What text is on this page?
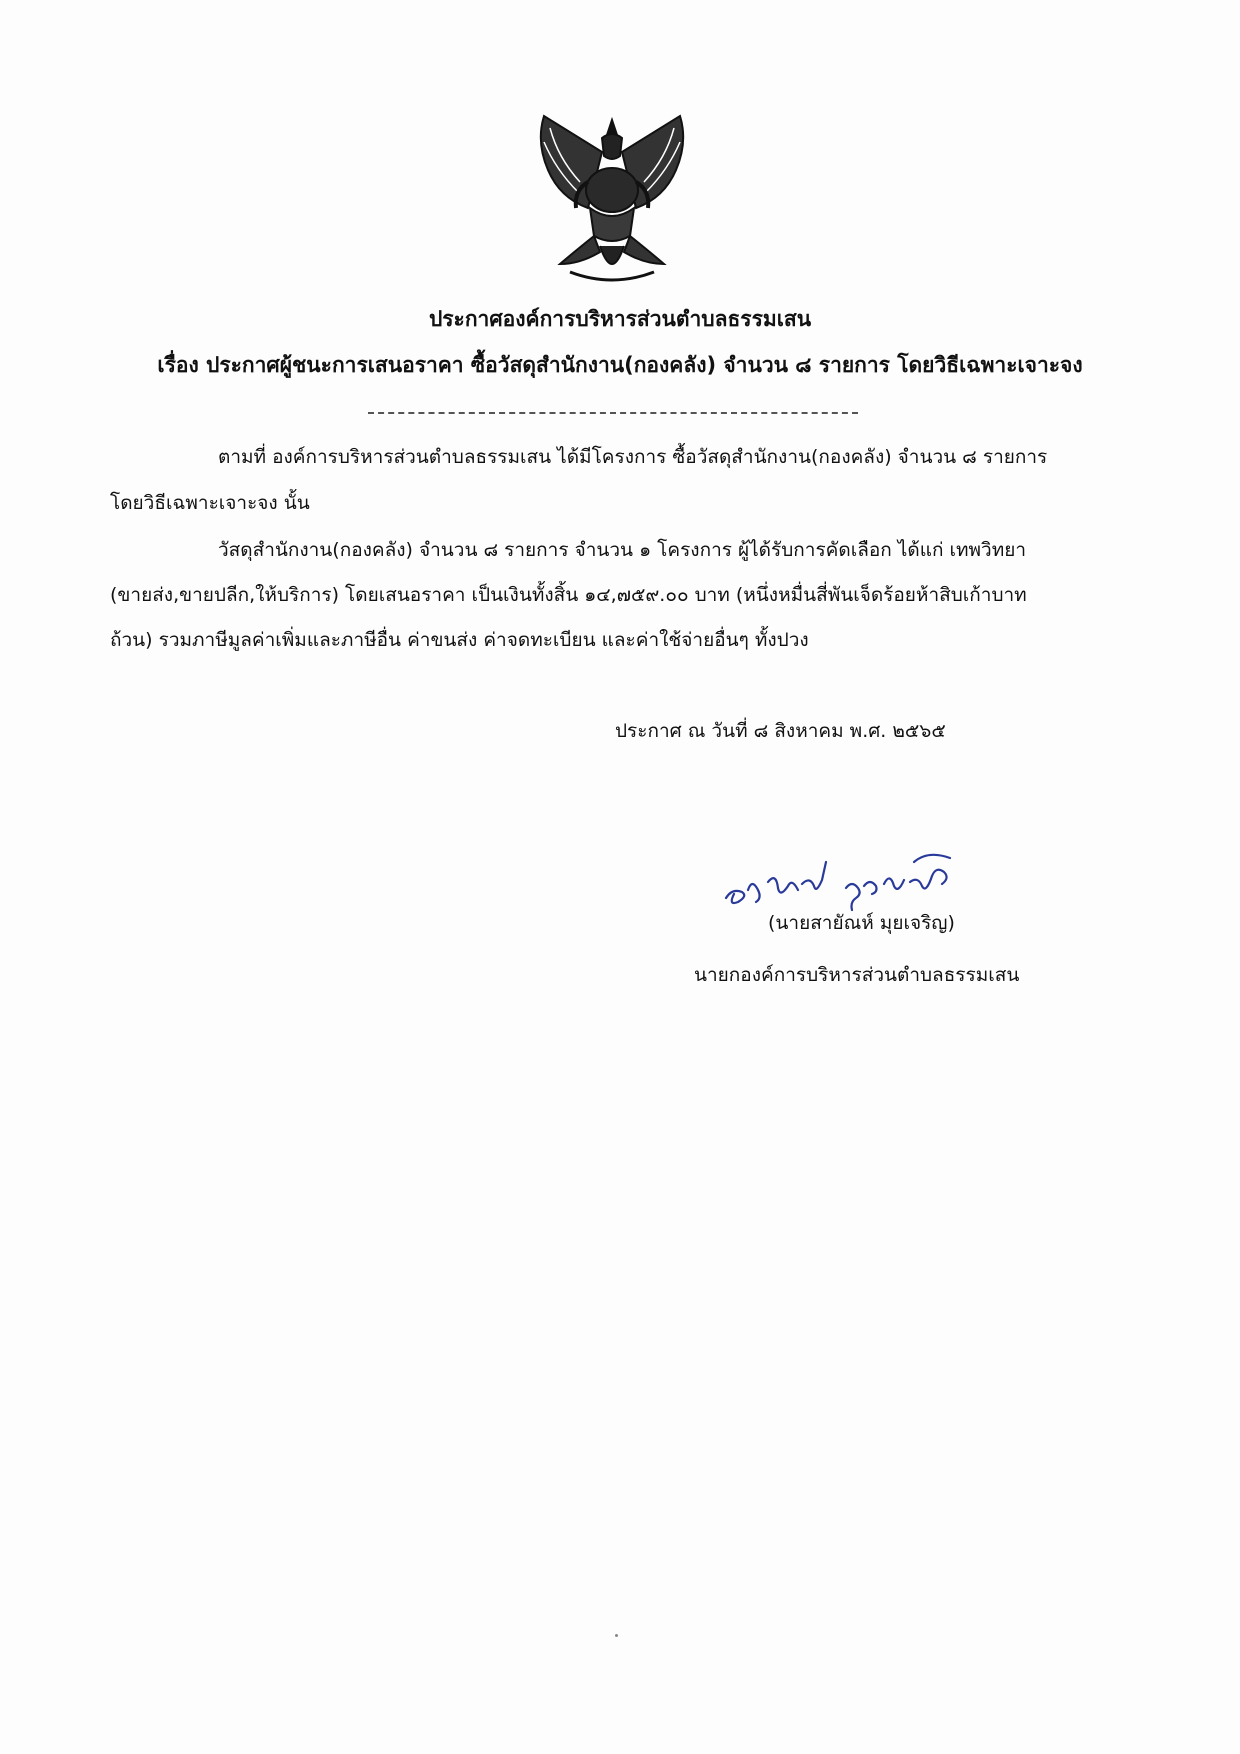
ประกาศองค์การบริหารส่วนตำบลธรรมเสน
เรื่อง ประกาศผู้ชนะการเสนอราคา ซื้อวัสดุสำนักงาน(กองคลัง) จำนวน ๘ รายการ โดยวิธีเฉพาะเจาะจง
ตามที่ องค์การบริหารส่วนตำบลธรรมเสน ได้มีโครงการ ซื้อวัสดุสำนักงาน(กองคลัง) จำนวน ๘ รายการ
โดยวิธีเฉพาะเจาะจง นั้น
วัสดุสำนักงาน(กองคลัง) จำนวน ๘ รายการ จำนวน ๑ โครงการ ผู้ได้รับการคัดเลือก ได้แก่ เทพวิทยา
(ขายส่ง,ขายปลีก,ให้บริการ) โดยเสนอราคา เป็นเงินทั้งสิ้น ๑๔,๗๕๙.๐๐ บาท (หนึ่งหมื่นสี่พันเจ็ดร้อยห้าสิบเก้าบาท
ถ้วน) รวมภาษีมูลค่าเพิ่มและภาษีอื่น ค่าขนส่ง ค่าจดทะเบียน และค่าใช้จ่ายอื่นๆ ทั้งปวง
ประกาศ ณ วันที่ ๘ สิงหาคม พ.ศ. ๒๕๖๕
(นายสายัณห์ มุยเจริญ)
นายกองค์การบริหารส่วนตำบลธรรมเสน
